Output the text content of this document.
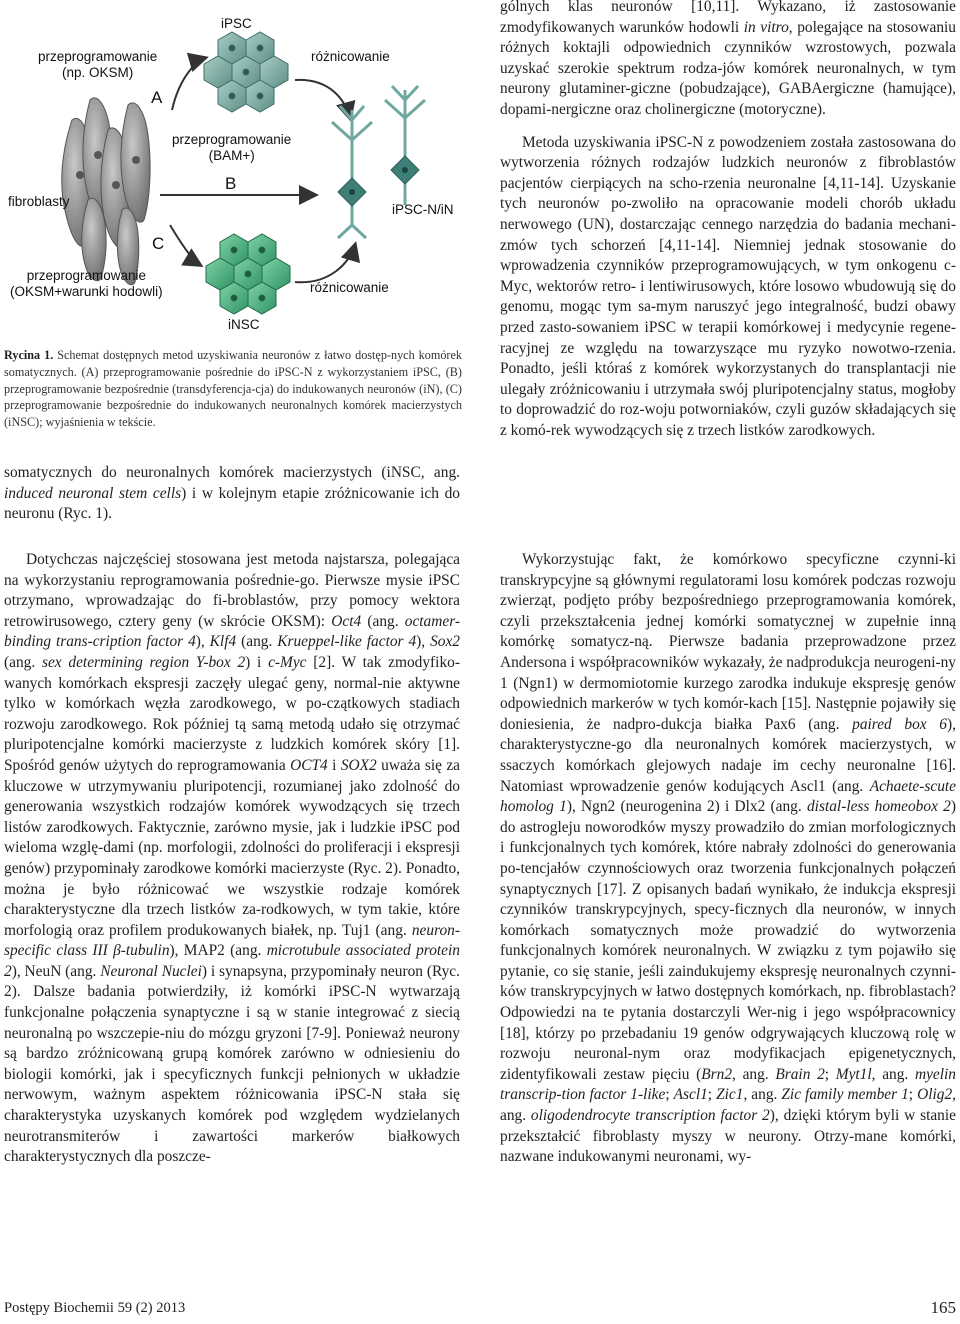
fibroblasty
przeprogramowanie
(np. OKSM)
A
iPSC
przeprogramowanie
(BAM+)
B
różnicowanie
iPSC-N/iN
C
przeprogramowanie
(OKSM+warunki hodowli)	różnicowanie
iNSC
Rycina 1. Schemat dostępnych metod uzyskiwania neuronów z łatwo dostęp-nych komórek somatycznych. (A) przeprogramowanie pośrednie do iPSC-N z wykorzystaniem iPSC, (B) przeprogramowanie bezpośrednie (transdyferencja-cja) do indukowanych neuronów (iN), (C) przeprogramowanie bezpośrednie do indukowanych neuronalnych komórek macierzystych (iNSC); wyjaśnienia w tekście.

somatycznych do neuronalnych komórek macierzystych (iNSC, ang. induced neuronal stem cells) i w kolejnym etapie zróżnicowanie ich do neuronu (Ryc. 1).

Dotychczas najczęściej stosowana jest metoda najstarsza, polegająca na wykorzystaniu reprogramowania pośrednie-go. Pierwsze mysie iPSC otrzymano, wprowadzając do fi-broblastów, przy pomocy wektora retrowirusowego, cztery geny (w skrócie OKSM): Oct4 (ang. octamer-binding trans-cription factor 4), Klf4 (ang. Krueppel-like factor 4), Sox2 (ang. sex determining region Y-box 2) i c-Myc [2]. W tak zmodyfiko-wanych komórkach ekspresji zaczęły ulegać geny, normal-nie aktywne tylko w komórkach węzła zarodkowego, w po-czątkowych stadiach rozwoju zarodkowego. Rok później tą samą metodą udało się otrzymać pluripotencjalne komórki macierzyste z ludzkich komórek skóry [1]. Spośród genów użytych do reprogramowania OCT4 i SOX2 uważa się za kluczowe w utrzymywaniu pluripotencji, rozumianej jako zdolność do generowania wszystkich rodzajów komórek wywodzących się trzech listów zarodkowych. Faktycznie, zarówno mysie, jak i ludzkie iPSC pod wieloma wzglę-dami (np. morfologii, zdolności do proliferacji i ekspresji genów) przypominały zarodkowe komórki macierzyste (Ryc. 2). Ponadto, można je było różnicować we wszystkie rodzaje komórek charakterystyczne dla trzech listków za-rodkowych, w tym takie, które morfologią oraz profilem produkowanych białek, np. Tuj1 (ang. neuron-specific class III β-tubulin), MAP2 (ang. microtubule associated protein 2), NeuN (ang. Neuronal Nuclei) i synapsyna, przypominały neuron (Ryc. 2). Dalsze badania potwierdziły, iż komórki iPSC-N wytwarzają funkcjonalne połączenia synaptyczne i są w stanie integrować z siecią neuronalną po wszczepie-niu do mózgu gryzoni [7-9]. Ponieważ neurony są bardzo zróżnicowaną grupą komórek zarówno w odniesieniu do biologii komórki, jak i specyficznych funkcji pełnionych w układzie nerwowym, ważnym aspektem różnicowania iPSC-N stała się charakterystyka uzyskanych komórek pod względem wydzielanych neurotransmiterów i zawartości markerów białkowych charakterystycznych dla poszcze-

gólnych klas neuronów [10,11]. Wykazano, iż zastosowanie zmodyfikowanych warunków hodowli in vitro, polegające na stosowaniu różnych koktajli odpowiednich czynników wzrostowych, pozwala uzyskać szerokie spektrum rodza-jów komórek neuronalnych, w tym neurony glutaminer-giczne (pobudzające), GABAergiczne (hamujące), dopami-nergiczne oraz cholinergiczne (motoryczne).

Metoda uzyskiwania iPSC-N z powodzeniem została zastosowana do wytworzenia różnych rodzajów ludzkich neuronów z fibroblastów pacjentów cierpiących na scho-rzenia neuronalne [4,11-14]. Uzyskanie tych neuronów po-zwoliło na opracowanie modeli chorób układu nerwowego (UN), dostarczając cennego narzędzia do badania mechani-zmów tych schorzeń [4,11-14]. Niemniej jednak stosowanie do wprowadzenia czynników przeprogramowujących, w tym onkogenu c-Myc, wektorów retro- i lentiwirusowych, które losowo wbudowują się do genomu, mogąc tym sa-mym naruszyć jego integralność, budzi obawy przed zasto-sowaniem iPSC w terapii komórkowej i medycynie regene-racyjnej ze względu na towarzyszące mu ryzyko nowotwo-rzenia. Ponadto, jeśli któraś z komórek wykorzystanych do transplantacji nie ulegały zróżnicowaniu i utrzymała swój pluripotencjalny status, mogłoby to doprowadzić do roz-woju potworniaków, czyli guzów składających się z komó-rek wywodzących się z trzech listków zarodkowych.

Wykorzystując fakt, że komórkowo specyficzne czynni-ki transkrypcyjne są głównymi regulatorami losu komórek podczas rozwoju zwierząt, podjęto próby bezpośredniego przeprogramowania komórek, czyli przekształcenia jednej komórki somatycznej w zupełnie inną komórkę somatycz-ną. Pierwsze badania przeprowadzone przez Andersona i współpracowników wykazały, że nadprodukcja neurogeni-ny 1 (Ngn1) w dermomiotomie kurzego zarodka indukuje ekspresję genów odpowiednich markerów w tych komór-kach [15]. Następnie pojawiły się doniesienia, że nadpro-dukcja białka Pax6 (ang. paired box 6), charakterystyczne-go dla neuronalnych komórek macierzystych, w ssaczych komórkach glejowych nadaje im cechy neuronalne [16]. Natomiast wprowadzenie genów kodujących Ascl1 (ang. Achaete-scute homolog 1), Ngn2 (neurogenina 2) i Dlx2 (ang. distal-less homeobox 2) do astrogleju noworodków myszy prowadziło do zmian morfologicznych i funkcjonalnych tych komórek, które nabrały zdolności do generowania po-tencjałów czynnościowych oraz tworzenia funkcjonalnych połączeń synaptycznych [17]. Z opisanych badań wynikało, że indukcja ekspresji czynników transkrypcyjnych, specy-ficznych dla neuronów, w innych komórkach somatycznych może prowadzić do wytworzenia funkcjonalnych komórek neuronalnych. W związku z tym pojawiło się pytanie, co się stanie, jeśli zaindukujemy ekspresję neuronalnych czynni-ków transkrypcyjnych w łatwo dostępnych komórkach, np. fibroblastach? Odpowiedzi na te pytania dostarczyli Wer-nig i jego współpracownicy [18], którzy po przebadaniu 19 genów odgrywających kluczową rolę w rozwoju neuronal-nym oraz modyfikacjach epigenetycznych, zidentyfikowali zestaw pięciu (Brn2, ang. Brain 2; Myt1l, ang. myelin transcrip-tion factor 1-like; Ascl1; Zic1, ang. Zic family member 1; Olig2, ang. oligodendrocyte transcription factor 2), dzięki którym byli w stanie przekształcić fibroblasty myszy w neurony. Otrzy-mane komórki, nazwane indukowanymi neuronami, wy-

Postępy Biochemii 59 (2) 2013	165
